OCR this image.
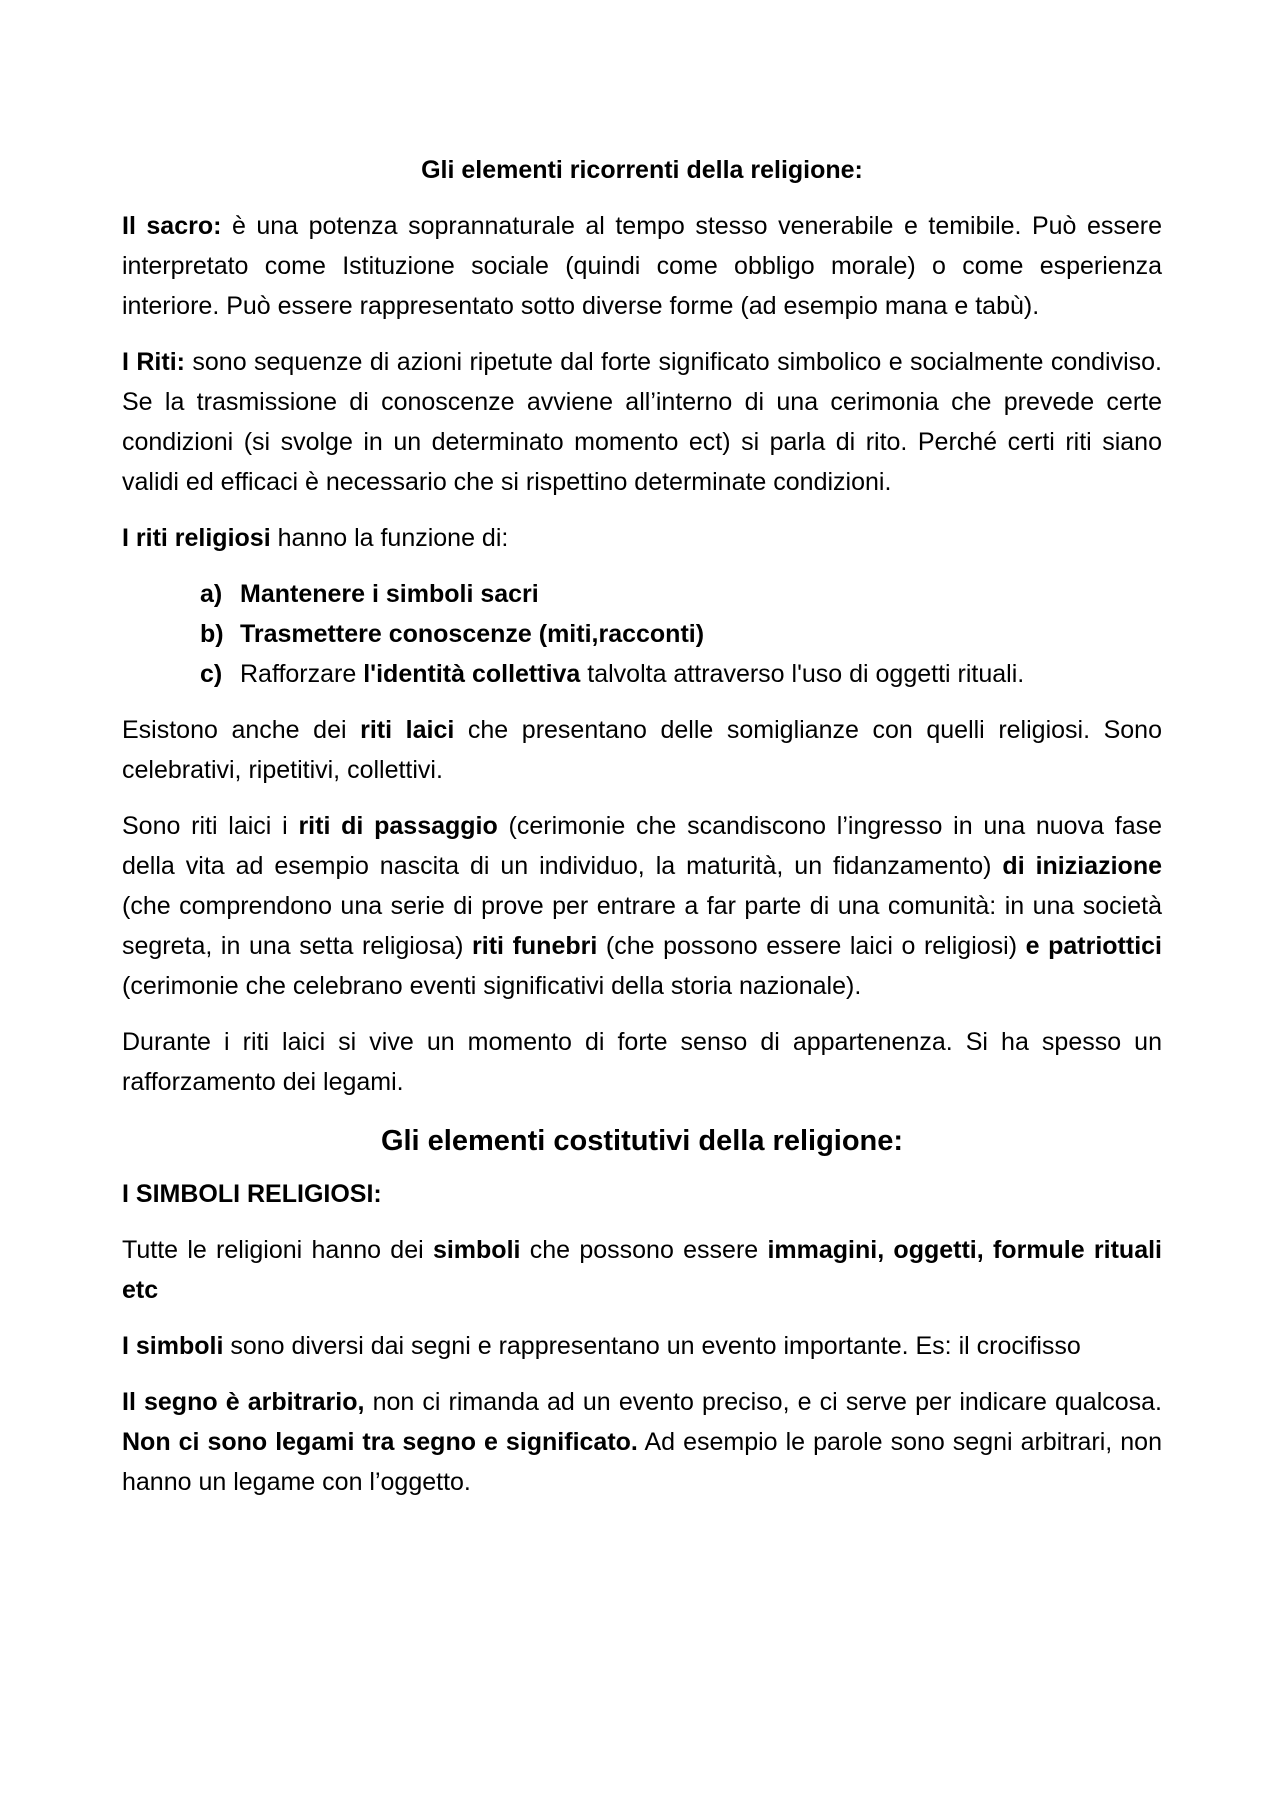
Gli elementi ricorrenti della religione:

Il sacro: è una potenza soprannaturale al tempo stesso venerabile e temibile. Può essere interpretato come Istituzione sociale (quindi come obbligo morale) o come esperienza interiore. Può essere rappresentato sotto diverse forme (ad esempio mana e tabù).

I Riti: sono sequenze di azioni ripetute dal forte significato simbolico e socialmente condiviso. Se la trasmissione di conoscenze avviene all’interno di una cerimonia che prevede certe condizioni (si svolge in un determinato momento ect) si parla di rito. Perché certi riti siano validi ed efficaci è necessario che si rispettino determinate condizioni.

I riti religiosi hanno la funzione di:

a) Mantenere i simboli sacri
b) Trasmettere conoscenze (miti,racconti)
c) Rafforzare l'identità collettiva talvolta attraverso l'uso di oggetti rituali.

Esistono anche dei riti laici che presentano delle somiglianze con quelli religiosi. Sono celebrativi, ripetitivi, collettivi.

Sono riti laici i riti di passaggio (cerimonie che scandiscono l’ingresso in una nuova fase della vita ad esempio nascita di un individuo, la maturità, un fidanzamento) di iniziazione (che comprendono una serie di prove per entrare a far parte di una comunità: in una società segreta, in una setta religiosa) riti funebri (che possono essere laici o religiosi) e patriottici (cerimonie che celebrano eventi significativi della storia nazionale).

Durante i riti laici si vive un momento di forte senso di appartenenza. Si ha spesso un rafforzamento dei legami.

Gli elementi costitutivi della religione:

I SIMBOLI RELIGIOSI:

Tutte le religioni hanno dei simboli che possono essere immagini, oggetti, formule rituali etc

I simboli sono diversi dai segni e rappresentano un evento importante. Es: il crocifisso

Il segno è arbitrario, non ci rimanda ad un evento preciso, e ci serve per indicare qualcosa. Non ci sono legami tra segno e significato. Ad esempio le parole sono segni arbitrari, non hanno un legame con l’oggetto.
